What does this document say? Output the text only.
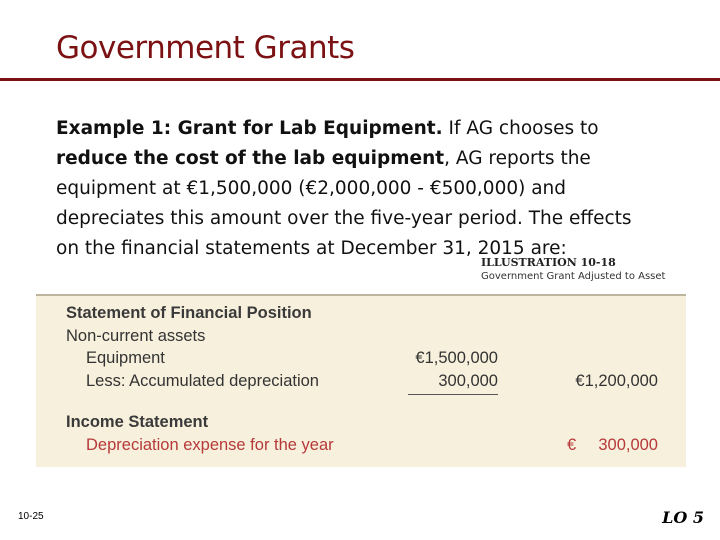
Government Grants
Example 1: Grant for Lab Equipment. If AG chooses to reduce the cost of the lab equipment, AG reports the equipment at €1,500,000 (€2,000,000 - €500,000) and depreciates this amount over the five-year period. The effects on the financial statements at December 31, 2015 are:
Statement of Financial Position
Non-current assets
Equipment	€1,500,000
Less: Accumulated depreciation	300,000	€1,200,000
Income Statement
Depreciation expense for the year	€	300,000
ILLUSTRATION 10-18
Government Grant Adjusted to Asset
10-25	LO 5
